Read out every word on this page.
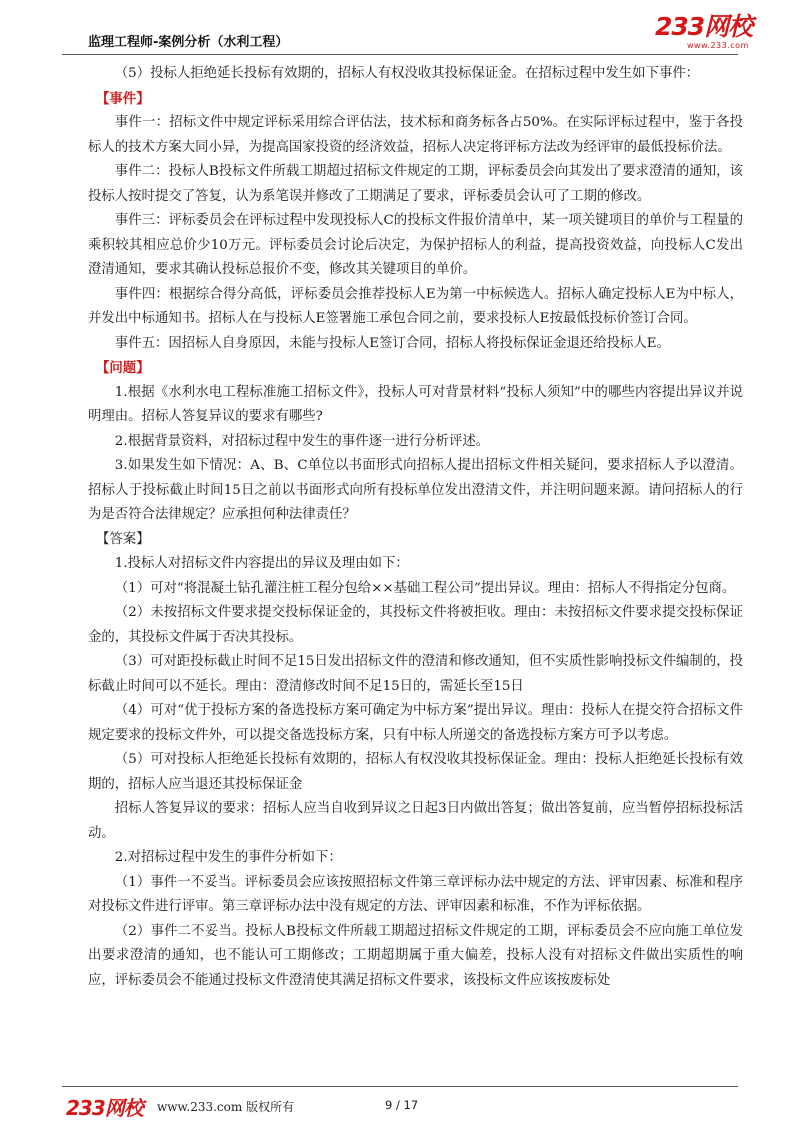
监理工程师-案例分析（水利工程）
233网校
www.233.com

（5）投标人拒绝延长投标有效期的，招标人有权没收其投标保证金。在招标过程中发生如下事件：

【事件】

事件一：招标文件中规定评标采用综合评估法，技术标和商务标各占50%。在实际评标过程中，鉴于各投标人的技术方案大同小异，为提高国家投资的经济效益，招标人决定将评标方法改为经评审的最低投标价法。

事件二：投标人B投标文件所载工期超过招标文件规定的工期，评标委员会向其发出了要求澄清的通知，该投标人按时提交了答复，认为系笔误并修改了工期满足了要求，评标委员会认可了工期的修改。

事件三：评标委员会在评标过程中发现投标人C的投标文件报价清单中，某一项关键项目的单价与工程量的乘积较其相应总价少10万元。评标委员会讨论后决定，为保护招标人的利益，提高投资效益，向投标人C发出澄清通知，要求其确认投标总报价不变，修改其关键项目的单价。

事件四：根据综合得分高低，评标委员会推荐投标人E为第一中标候选人。招标人确定投标人E为中标人，并发出中标通知书。招标人在与投标人E签署施工承包合同之前，要求投标人E按最低投标价签订合同。

事件五：因招标人自身原因，未能与投标人E签订合同，招标人将投标保证金退还给投标人E。

【问题】

1.根据《水利水电工程标准施工招标文件》，投标人可对背景材料“投标人须知”中的哪些内容提出异议并说明理由。招标人答复异议的要求有哪些?

2.根据背景资料，对招标过程中发生的事件逐一进行分析评述。

3.如果发生如下情况：A、B、C单位以书面形式向招标人提出招标文件相关疑问，要求招标人予以澄清。招标人于投标截止时间15日之前以书面形式向所有投标单位发出澄清文件，并注明问题来源。请问招标人的行为是否符合法律规定？应承担何种法律责任？

【答案】

1.投标人对招标文件内容提出的异议及理由如下：

（1）可对“将混凝土钻孔灌注桩工程分包给××基础工程公司”提出异议。理由：招标人不得指定分包商。

（2）未按招标文件要求提交投标保证金的，其投标文件将被拒收。理由：未按招标文件要求提交投标保证金的，其投标文件属于否决其投标。

（3）可对距投标截止时间不足15日发出招标文件的澄清和修改通知，但不实质性影响投标文件编制的，投标截止时间可以不延长。理由：澄清修改时间不足15日的，需延长至15日

（4）可对“优于投标方案的备选投标方案可确定为中标方案”提出异议。理由：投标人在提交符合招标文件规定要求的投标文件外，可以提交备选投标方案，只有中标人所递交的备选投标方案方可予以考虑。

（5）可对投标人拒绝延长投标有效期的，招标人有权没收其投标保证金。理由：投标人拒绝延长投标有效期的，招标人应当退还其投标保证金

招标人答复异议的要求：招标人应当自收到异议之日起3日内做出答复；做出答复前，应当暂停招标投标活动。

2.对招标过程中发生的事件分析如下：

（1）事件一不妥当。评标委员会应该按照招标文件第三章评标办法中规定的方法、评审因素、标准和程序对投标文件进行评审。第三章评标办法中没有规定的方法、评审因素和标准，不作为评标依据。

（2）事件二不妥当。投标人B投标文件所载工期超过招标文件规定的工期，评标委员会不应向施工单位发出要求澄清的通知，也不能认可工期修改；工期超期属于重大偏差，投标人没有对招标文件做出实质性的响应，评标委员会不能通过投标文件澄清使其满足招标文件要求，该投标文件应该按废标处

233网校 www.233.com 版权所有	9 / 17
